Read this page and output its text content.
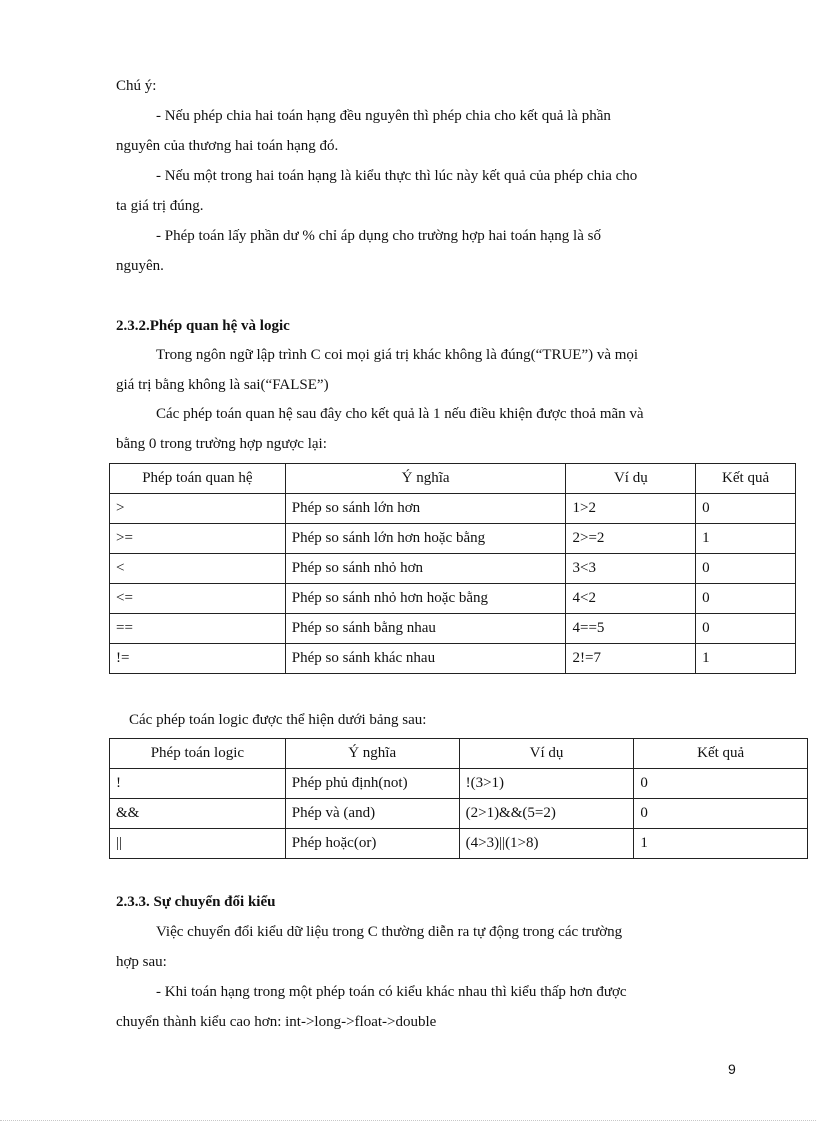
Chú ý:
- Nếu phép chia hai toán hạng đều nguyên thì phép chia cho kết quả là phần
nguyên của thương hai toán hạng đó.
- Nếu một trong hai toán hạng là kiểu thực thì lúc này kết quả của phép chia cho
ta giá trị đúng.
- Phép toán lấy phần dư % chỉ áp dụng cho trường hợp hai toán hạng là số
nguyên.
2.3.2.Phép quan hệ và logic
Trong ngôn ngữ lập trình C coi mọi giá trị khác không là đúng(“TRUE”) và mọi
giá trị bằng không là sai(“FALSE”)
Các phép toán quan hệ sau đây cho kết quả là 1 nếu điều khiện được thoả mãn và
bằng 0 trong trường hợp ngược lại:
Phép toán quan hệ	Ý nghĩa	Ví dụ	Kết quả
>	Phép so sánh lớn hơn	1>2	0
>=	Phép so sánh lớn hơn hoặc bằng	2>=2	1
<	Phép so sánh nhỏ hơn	3<3	0
<=	Phép so sánh nhỏ hơn hoặc bằng	4<2	0
==	Phép so sánh bằng nhau	4==5	0
!=	Phép so sánh khác nhau	2!=7	1
Các phép toán logic được thể hiện dưới bảng sau:
Phép toán logic	Ý nghĩa	Ví dụ	Kết quả
!	Phép phủ định(not)	!(3>1)	0
&&	Phép và (and)	(2>1)&&(5=2)	0
||	Phép hoặc(or)	(4>3)||(1>8)	1
2.3.3. Sự chuyển đổi kiểu
Việc chuyển đổi kiểu dữ liệu trong C thường diễn ra tự động trong các trường
hợp sau:
- Khi toán hạng trong một phép toán có kiểu khác nhau thì kiểu thấp hơn được
chuyển thành kiểu cao hơn: int->long->float->double
9
